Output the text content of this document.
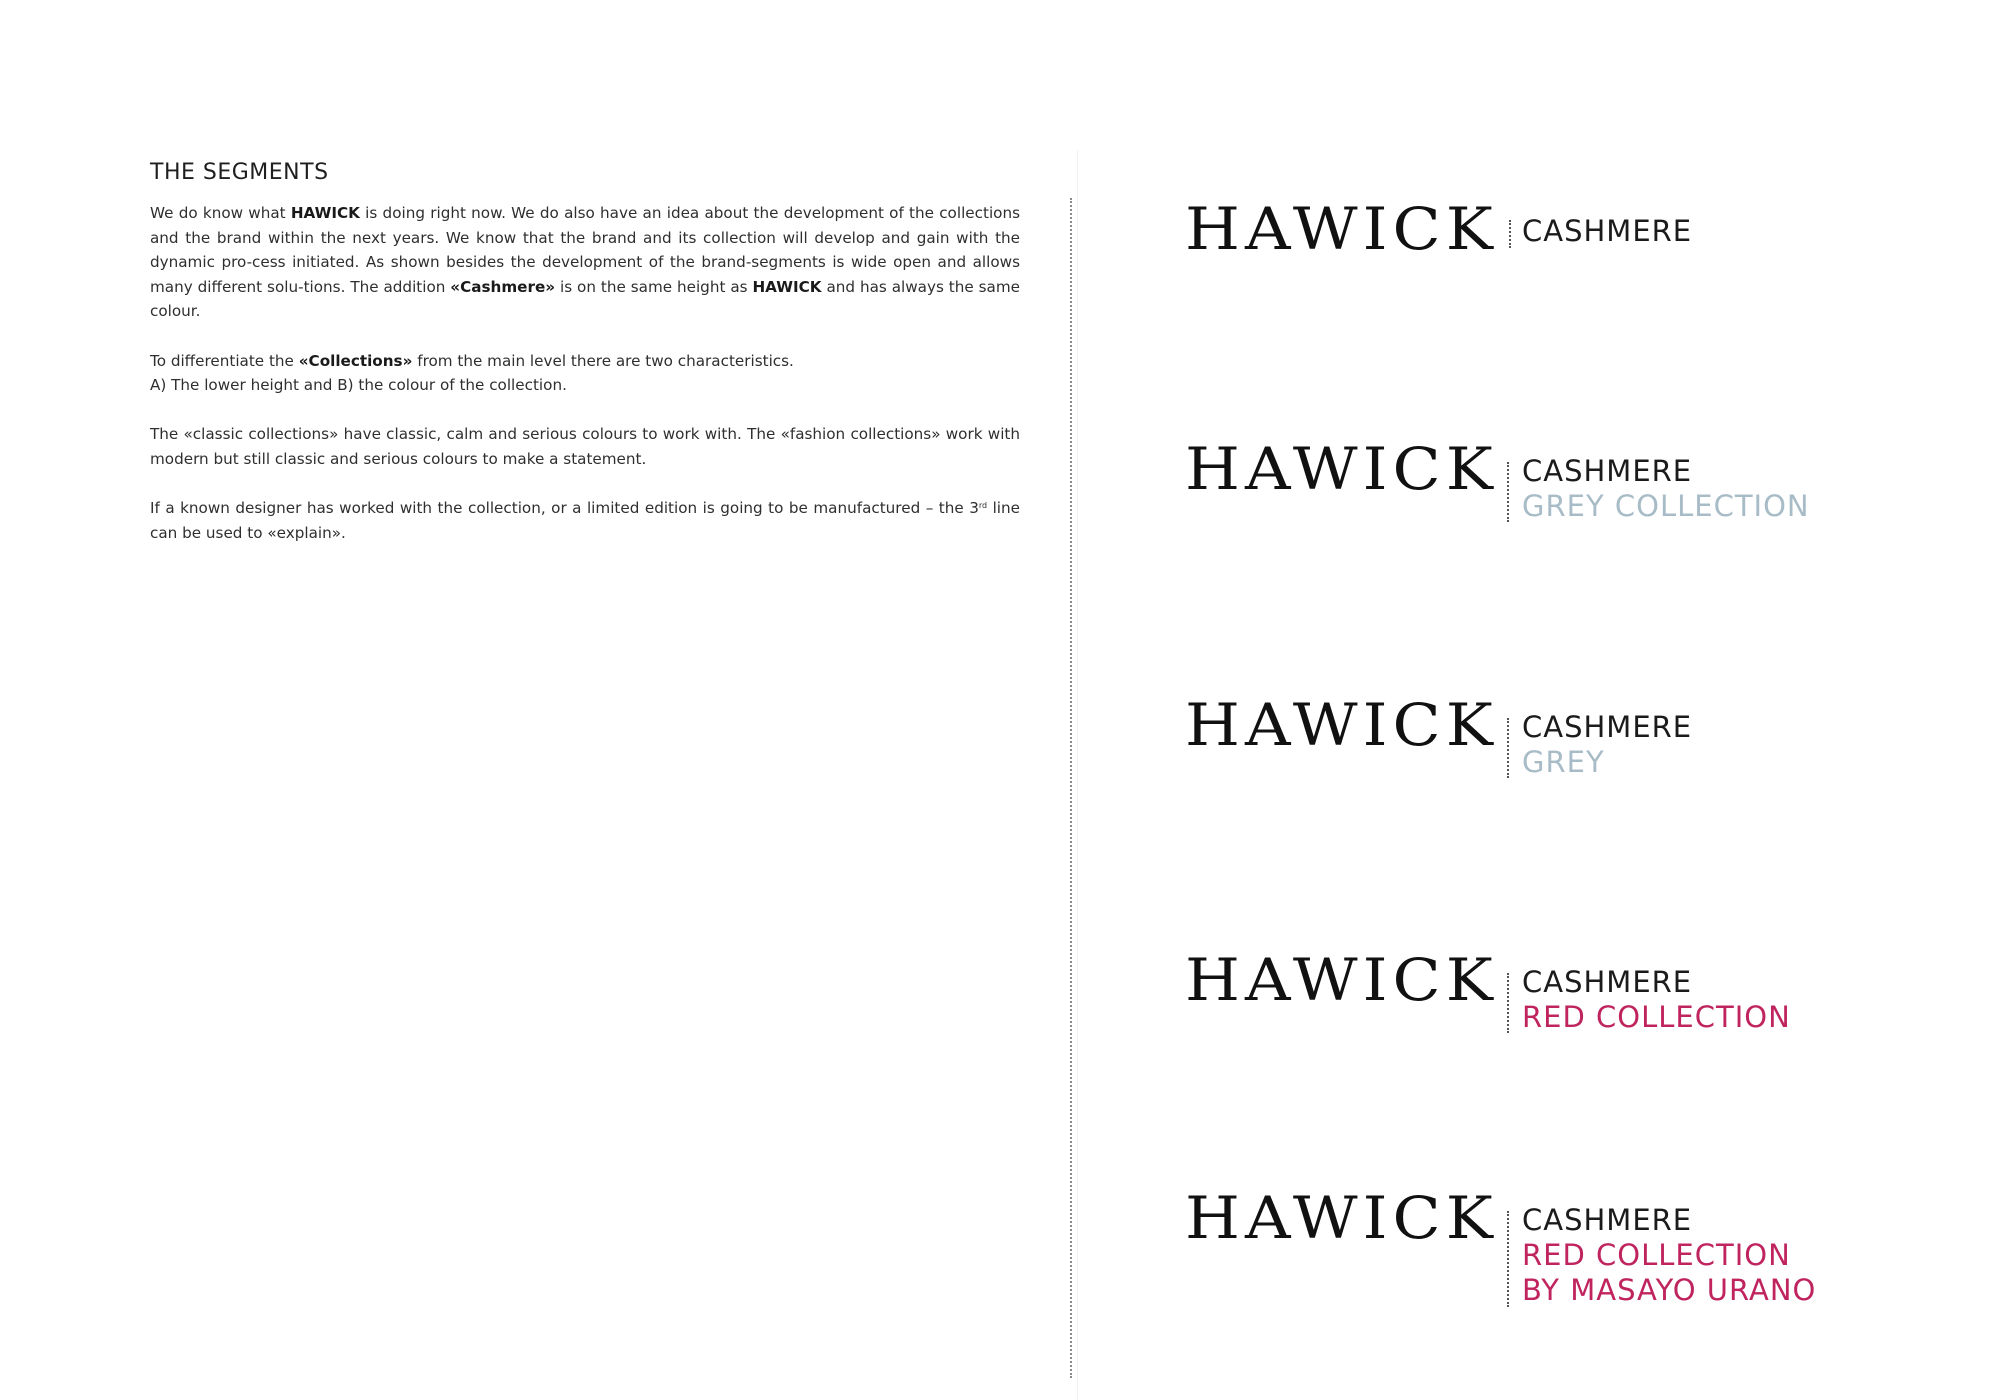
THE SEGMENTS

We do know what HAWICK is doing right now. We do also have an idea about the development of the collections and the brand within the next years. We know that the brand and its collection will develop and gain with the dynamic pro-cess initiated. As shown besides the development of the brand-segments is wide open and allows many different solu-tions. The addition «Cashmere» is on the same height as HAWICK and has always the same colour.

To differentiate the «Collections» from the main level there are two characteristics.
A) The lower height and B) the colour of the collection.

The «classic collections» have classic, calm and serious colours to work with. The «fashion collections» work with modern but still classic and serious colours to make a statement.

If a known designer has worked with the collection, or a limited edition is going to be manufactured – the 3rd line can be used to «explain».

HAWICK CASHMERE
HAWICK CASHMERE
GREY COLLECTION
HAWICK CASHMERE
GREY
HAWICK CASHMERE
RED COLLECTION
HAWICK CASHMERE
RED COLLECTION
BY MASAYO URANO
